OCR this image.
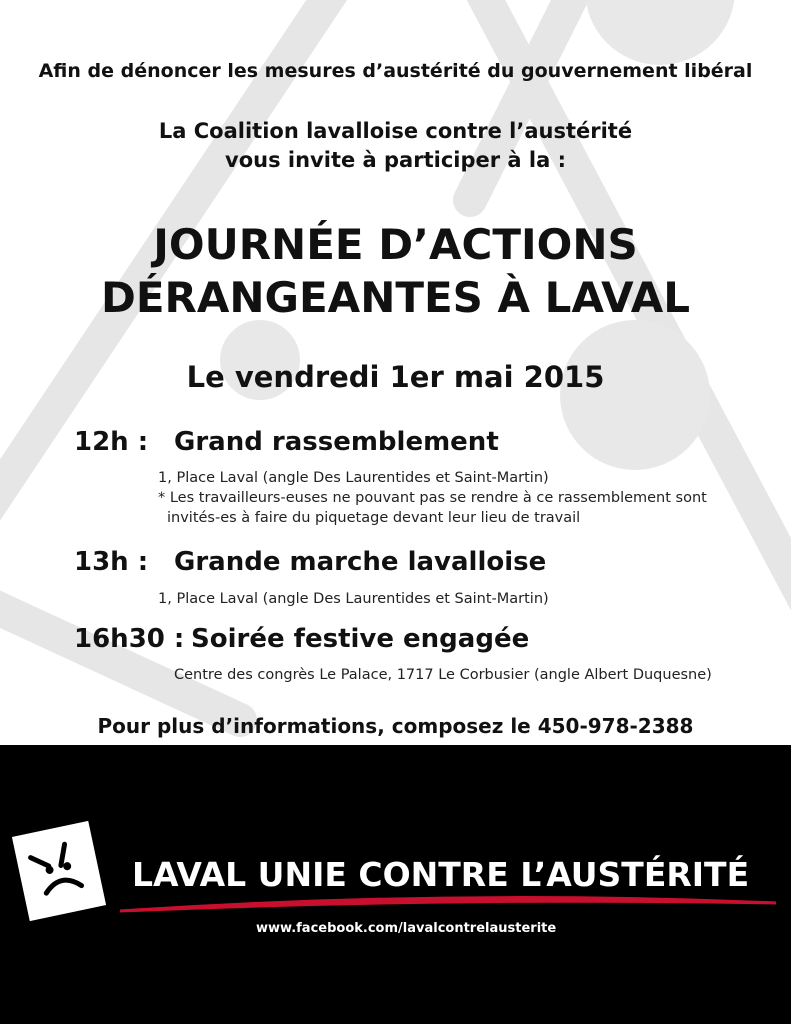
Afin de dénoncer les mesures d’austérité du gouvernement libéral
La Coalition lavalloise contre l’austérité
vous invite à participer à la :
JOURNÉE D’ACTIONS
DÉRANGEANTES À LAVAL
Le vendredi 1er mai 2015
12h : Grand rassemblement
1, Place Laval (angle Des Laurentides et Saint-Martin)
* Les travailleurs-euses ne pouvant pas se rendre à ce rassemblement sont
invités-es à faire du piquetage devant leur lieu de travail
13h : Grande marche lavalloise
1, Place Laval (angle Des Laurentides et Saint-Martin)
16h30 : Soirée festive engagée
Centre des congrès Le Palace, 1717 Le Corbusier (angle Albert Duquesne)
Pour plus d’informations, composez le 450-978-2388
LAVAL UNIE CONTRE L’AUSTÉRITÉ
www.facebook.com/lavalcontrelausterite
